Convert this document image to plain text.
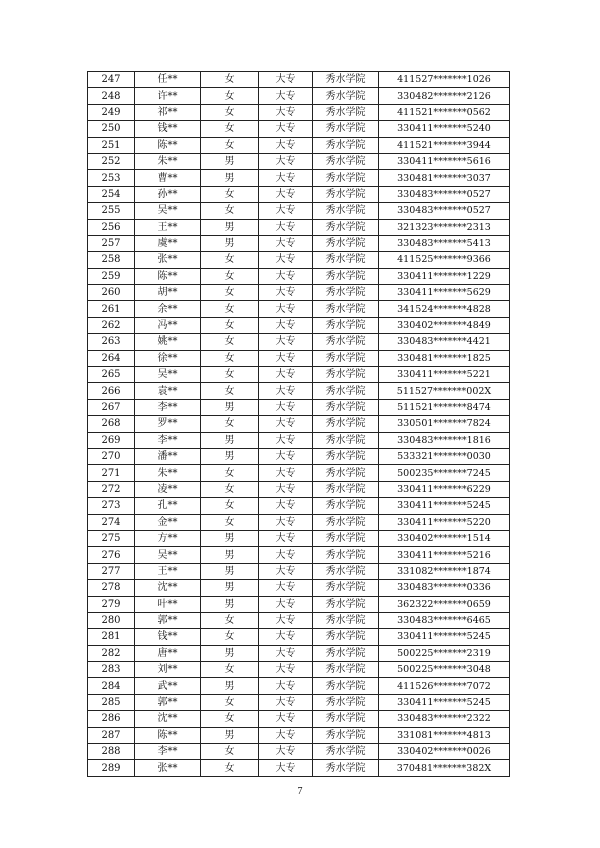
247	任**	女	大专	秀水学院	411527*******1026
248	许**	女	大专	秀水学院	330482*******2126
249	祁**	女	大专	秀水学院	411521*******0562
250	钱**	女	大专	秀水学院	330411*******5240
251	陈**	女	大专	秀水学院	411521*******3944
252	朱**	男	大专	秀水学院	330411*******5616
253	曹**	男	大专	秀水学院	330481*******3037
254	孙**	女	大专	秀水学院	330483*******0527
255	吴**	女	大专	秀水学院	330483*******0527
256	王**	男	大专	秀水学院	321323*******2313
257	虞**	男	大专	秀水学院	330483*******5413
258	张**	女	大专	秀水学院	411525*******9366
259	陈**	女	大专	秀水学院	330411*******1229
260	胡**	女	大专	秀水学院	330411*******5629
261	余**	女	大专	秀水学院	341524*******4828
262	冯**	女	大专	秀水学院	330402*******4849
263	姚**	女	大专	秀水学院	330483*******4421
264	徐**	女	大专	秀水学院	330481*******1825
265	吴**	女	大专	秀水学院	330411*******5221
266	袁**	女	大专	秀水学院	511527*******002X
267	李**	男	大专	秀水学院	511521*******8474
268	罗**	女	大专	秀水学院	330501*******7824
269	李**	男	大专	秀水学院	330483*******1816
270	潘**	男	大专	秀水学院	533321*******0030
271	朱**	女	大专	秀水学院	500235*******7245
272	凌**	女	大专	秀水学院	330411*******6229
273	孔**	女	大专	秀水学院	330411*******5245
274	金**	女	大专	秀水学院	330411*******5220
275	方**	男	大专	秀水学院	330402*******1514
276	吴**	男	大专	秀水学院	330411*******5216
277	王**	男	大专	秀水学院	331082*******1874
278	沈**	男	大专	秀水学院	330483*******0336
279	叶**	男	大专	秀水学院	362322*******0659
280	郭**	女	大专	秀水学院	330483*******6465
281	钱**	女	大专	秀水学院	330411*******5245
282	唐**	男	大专	秀水学院	500225*******2319
283	刘**	女	大专	秀水学院	500225*******3048
284	武**	男	大专	秀水学院	411526*******7072
285	郭**	女	大专	秀水学院	330411*******5245
286	沈**	女	大专	秀水学院	330483*******2322
287	陈**	男	大专	秀水学院	331081*******4813
288	李**	女	大专	秀水学院	330402*******0026
289	张**	女	大专	秀水学院	370481*******382X
7
